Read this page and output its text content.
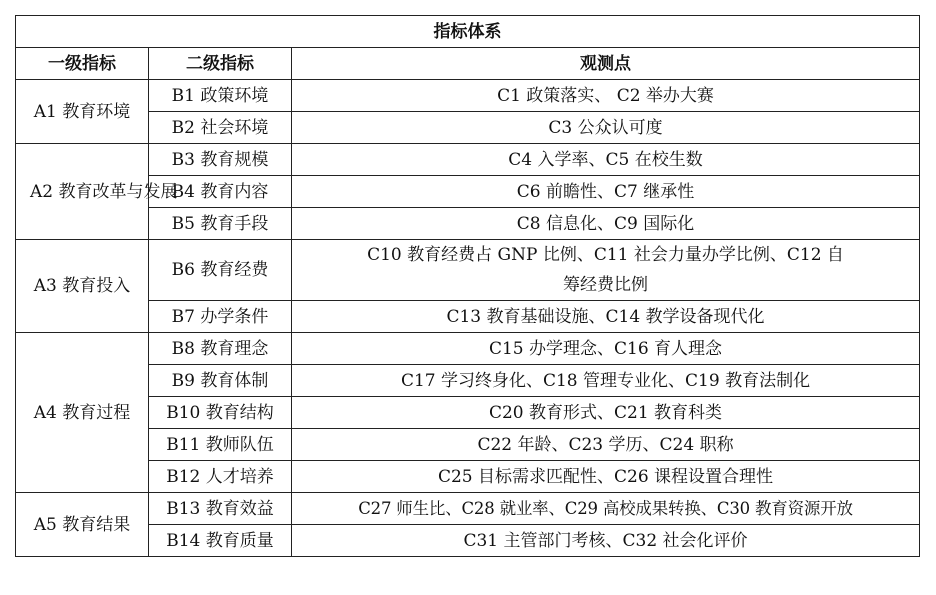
指标体系		
一级指标	二级指标	观测点
A1 教育环境	B1 政策环境	C1 政策落实、 C2 举办大赛
	B2 社会环境	C3 公众认可度
A2 教育改革与发展	B3 教育规模	C4 入学率、C5 在校生数
	B4 教育内容	C6 前瞻性、C7 继承性
	B5 教育手段	C8 信息化、C9 国际化
A3 教育投入	B6 教育经费	C10 教育经费占 GNP 比例、C11 社会力量办学比例、C12 自筹经费比例
	B7 办学条件	C13 教育基础设施、C14 教学设备现代化
A4 教育过程	B8 教育理念	C15 办学理念、C16 育人理念
	B9 教育体制	C17 学习终身化、C18 管理专业化、C19 教育法制化
	B10 教育结构	C20 教育形式、C21 教育科类
	B11 教师队伍	C22 年龄、C23 学历、C24 职称
	B12 人才培养	C25 目标需求匹配性、C26 课程设置合理性
A5 教育结果	B13 教育效益	C27 师生比、C28 就业率、C29 高校成果转换、C30 教育资源开放
	B14 教育质量	C31 主管部门考核、C32 社会化评价
